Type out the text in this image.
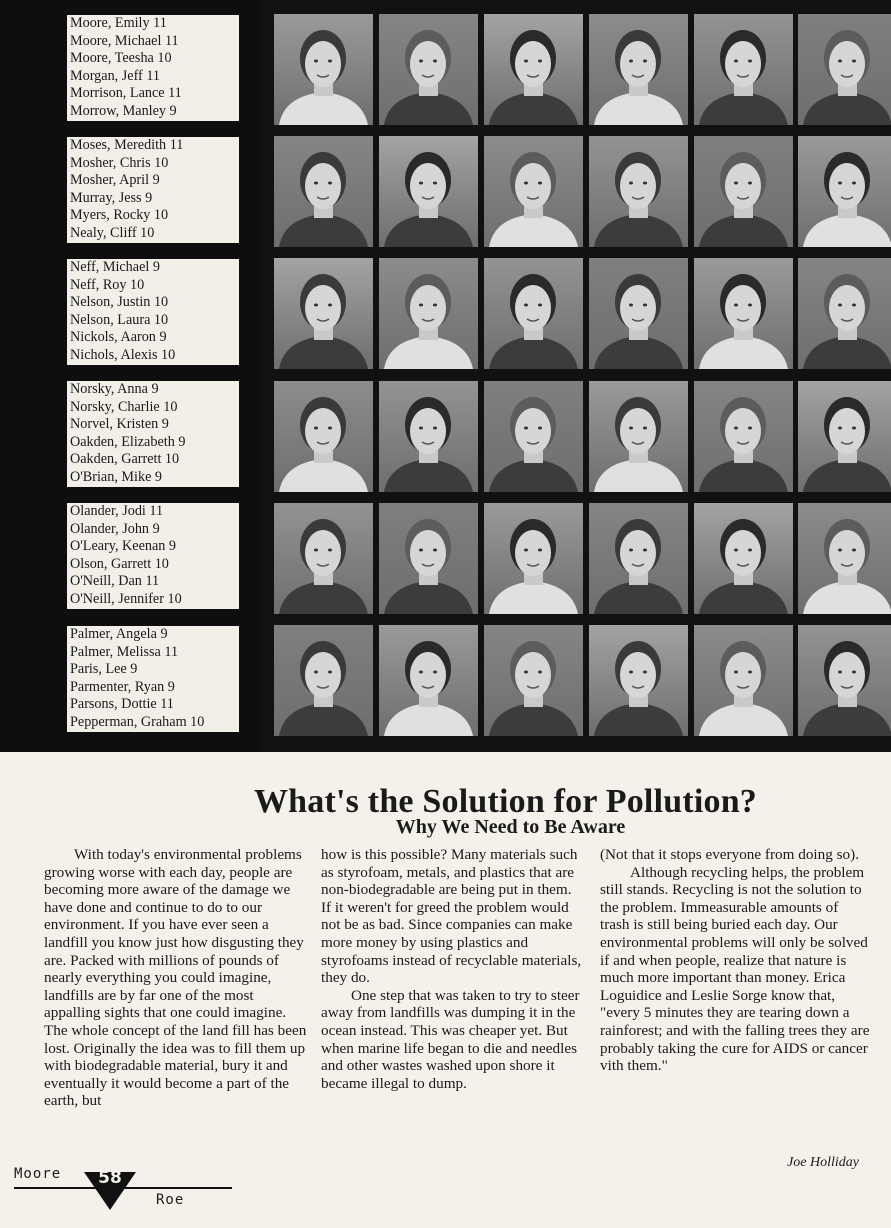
Moore, Emily 11
Moore, Michael 11
Moore, Teesha 10
Morgan, Jeff 11
Morrison, Lance 11
Morrow, Manley 9
Moses, Meredith 11
Mosher, Chris 10
Mosher, April 9
Murray, Jess 9
Myers, Rocky 10
Nealy, Cliff 10
Neff, Michael 9
Neff, Roy 10
Nelson, Justin 10
Nelson, Laura 10
Nickols, Aaron 9
Nichols, Alexis 10
Norsky, Anna 9
Norsky, Charlie 10
Norvel, Kristen 9
Oakden, Elizabeth 9
Oakden, Garrett 10
O'Brian, Mike 9
Olander, Jodi 11
Olander, John 9
O'Leary, Keenan 9
Olson, Garrett 10
O'Neill, Dan 11
O'Neill, Jennifer 10
Palmer, Angela 9
Palmer, Melissa 11
Paris, Lee 9
Parmenter, Ryan 9
Parsons, Dottie 11
Pepperman, Graham 10
What's the Solution for Pollution?
Why We Need to Be Aware

With today's environmental problems growing worse with each day, people are becoming more aware of the damage we have done and continue to do to our environment. If you have ever seen a landfill you know just how disgusting they are. Packed with millions of pounds of nearly everything you could imagine, landfills are by far one of the most appalling sights that one could imagine. The whole concept of the land fill has been lost. Originally the idea was to fill them up with biodegradable material, bury it and eventually it would become a part of the earth, but

how is this possible? Many materials such as styrofoam, metals, and plastics that are non-biodegradable are being put in them. If it weren't for greed the problem would not be as bad. Since companies can make more money by using plastics and styrofoams instead of recyclable materials, they do.

One step that was taken to try to steer away from landfills was dumping it in the ocean instead. This was cheaper yet. But when marine life began to die and needles and other wastes washed upon shore it became illegal to dump.

(Not that it stops everyone from doing so).

Although recycling helps, the problem still stands. Recycling is not the solution to the problem. Immeasurable amounts of trash is still being buried each day. Our environmental problems will only be solved if and when people, realize that nature is much more important than money. Erica Loguidice and Leslie Sorge know that, "every 5 minutes they are tearing down a rainforest; and with the falling trees they are probably taking the cure for AIDS or cancer vith them."

Joe Holliday
Moore	58
Roe
